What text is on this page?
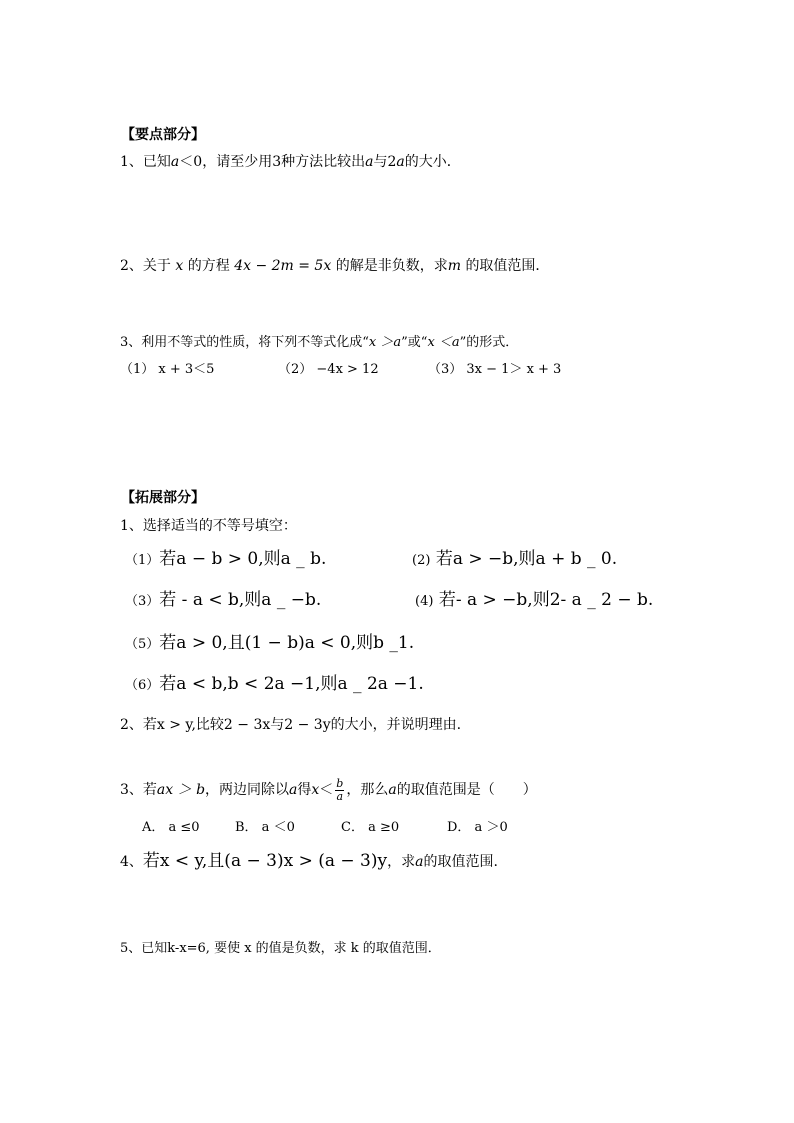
【要点部分】
1、已知a＜0，请至少用3种方法比较出a与2a的大小．
2、关于 x 的方程 4x − 2m = 5x 的解是非负数，求m 的取值范围．
3、利用不等式的性质，将下列不等式化成“x ＞a”或“x ＜a”的形式．
（1） x + 3＜5	（2） −4x > 12	（3） 3x − 1＞ x + 3
【拓展部分】
1、选择适当的不等号填空：
（1）若a − b > 0,则a _ b.	(2) 若a > −b,则a + b _ 0.
（3）若 - a < b,则a _ −b.	(4) 若- a > −b,则2- a _ 2 − b.
（5）若a > 0,且(1 − b)a < 0,则b _1.
（6）若a < b,b < 2a −1,则a _ 2a −1.
2、若x > y,比较2 − 3x与2 − 3y的大小，并说明理由.
3、若ax ＞ b，两边同除以a得$x< \frac{b}{a}$ ，那么a的取值范围是（　　）
A． a ≤0	B． a ＜0	C． a ≥0	D． a ＞0
4、若x < y,且(a − 3)x > (a − 3)y，求a的取值范围.
5、已知k-x=6, 要使 x 的值是负数，求 k 的取值范围．
